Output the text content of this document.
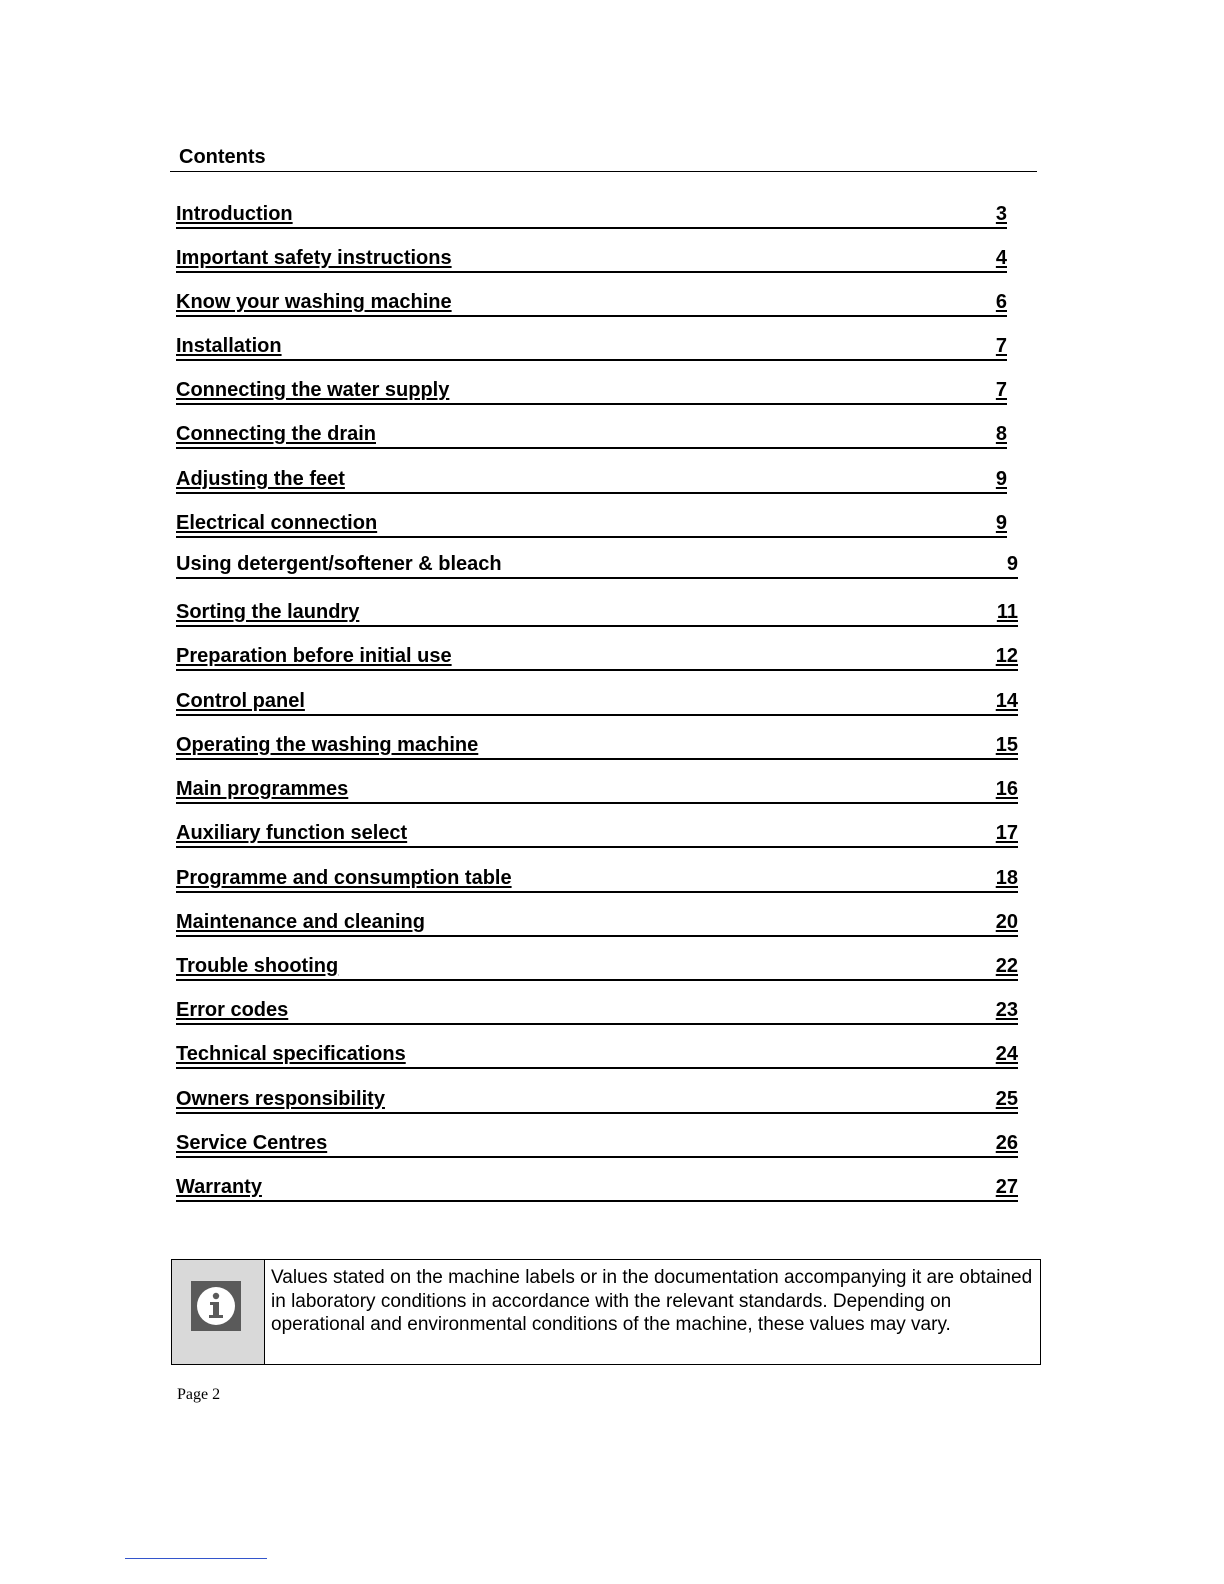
Contents
Introduction	3
Important safety instructions	4
Know your washing machine	6
Installation	7
Connecting the water supply	7
Connecting the drain	8
Adjusting the feet	9
Electrical connection	9
Using detergent/softener & bleach	9
Sorting the laundry	11
Preparation before initial use	12
Control panel	14
Operating the washing machine	15
Main programmes	16
Auxiliary function select	17
Programme and consumption table	18
Maintenance and cleaning	20
Trouble shooting	22
Error codes	23
Technical specifications	24
Owners responsibility	25
Service Centres	26
Warranty	27
Values stated on the machine labels or in the documentation accompanying it are obtained in laboratory conditions in accordance with the relevant standards. Depending on operational and environmental conditions of the machine, these values may vary.
Page 2
